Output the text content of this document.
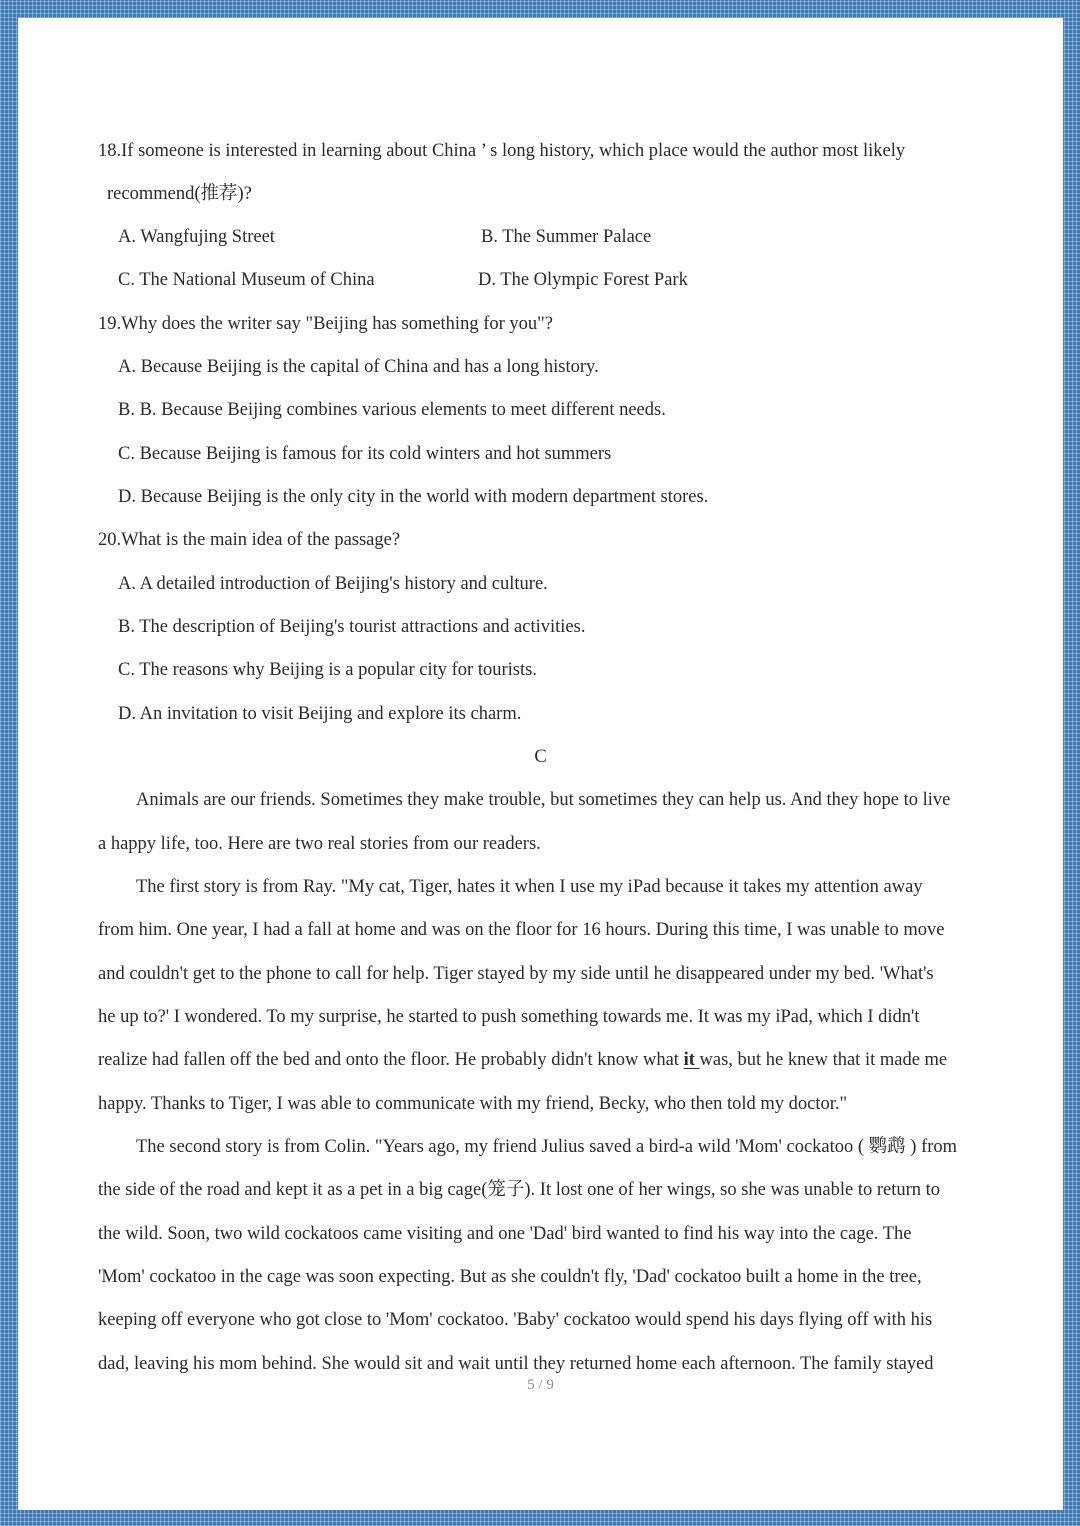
18.If someone is interested in learning about China ’ s long history, which place would the author most likely
recommend(推荐)?
A. Wangfujing Street	B. The Summer Palace
C. The National Museum of China	D. The Olympic Forest Park
19.Why does the writer say "Beijing has something for you"?
A. Because Beijing is the capital of China and has a long history.
B. B. Because Beijing combines various elements to meet different needs.
C. Because Beijing is famous for its cold winters and hot summers
D. Because Beijing is the only city in the world with modern department stores.
20.What is the main idea of the passage?
A. A detailed introduction of Beijing's history and culture.
B. The description of Beijing's tourist attractions and activities.
C. The reasons why Beijing is a popular city for tourists.
D. An invitation to visit Beijing and explore its charm.
C
Animals are our friends. Sometimes they make trouble, but sometimes they can help us. And they hope to live
a happy life, too. Here are two real stories from our readers.
The first story is from Ray. "My cat, Tiger, hates it when I use my iPad because it takes my attention away
from him. One year, I had a fall at home and was on the floor for 16 hours. During this time, I was unable to move
and couldn't get to the phone to call for help. Tiger stayed by my side until he disappeared under my bed. 'What's
he up to?' I wondered. To my surprise, he started to push something towards me. It was my iPad, which I didn't
realize had fallen off the bed and onto the floor. He probably didn't know what it was, but he knew that it made me
happy. Thanks to Tiger, I was able to communicate with my friend, Becky, who then told my doctor."
The second story is from Colin. "Years ago, my friend Julius saved a bird-a wild 'Mom' cockatoo ( 鹦鹉 ) from
the side of the road and kept it as a pet in a big cage(笼子). It lost one of her wings, so she was unable to return to
the wild. Soon, two wild cockatoos came visiting and one 'Dad' bird wanted to find his way into the cage. The
'Mom' cockatoo in the cage was soon expecting. But as she couldn't fly, 'Dad' cockatoo built a home in the tree,
keeping off everyone who got close to 'Mom' cockatoo. 'Baby' cockatoo would spend his days flying off with his
dad, leaving his mom behind. She would sit and wait until they returned home each afternoon. The family stayed
5 / 9
